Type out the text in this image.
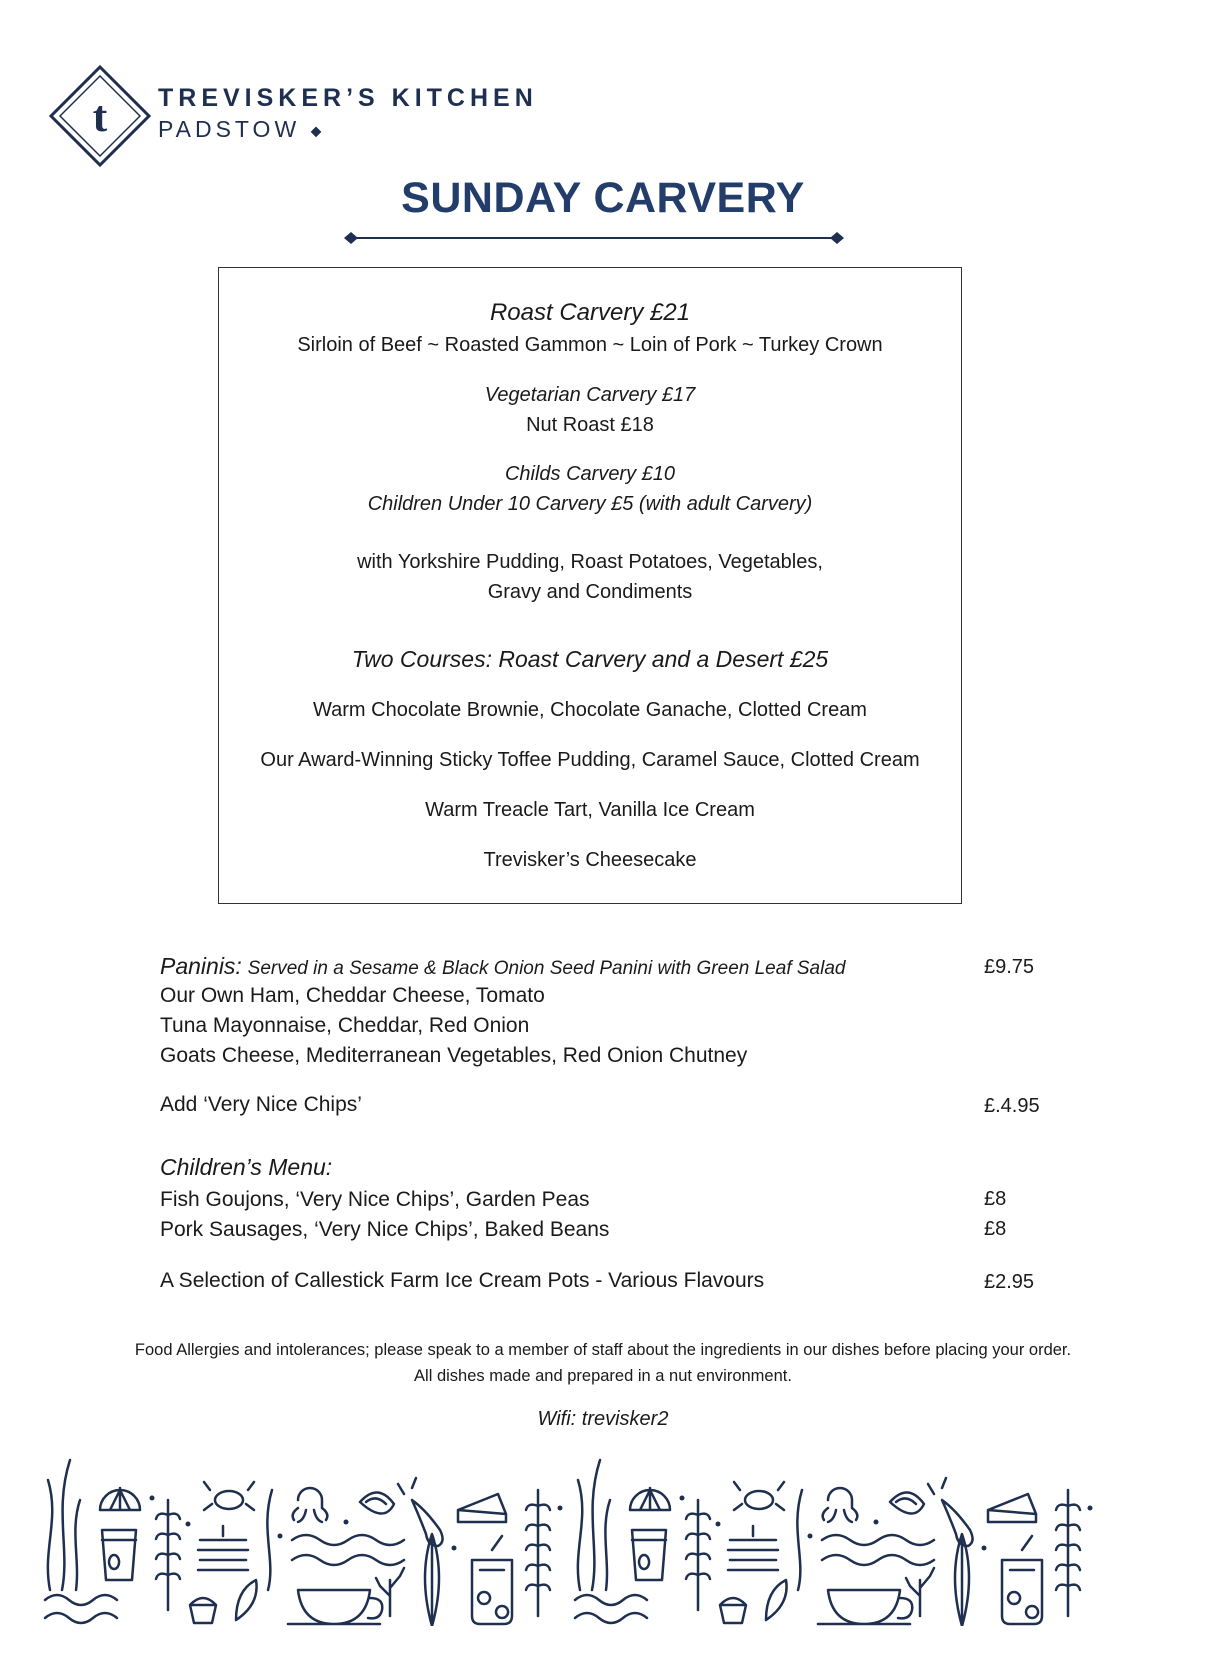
t TREVISKER’S KITCHEN
PADSTOW ◆
SUNDAY CARVERY
Roast Carvery £21
Sirloin of Beef ~ Roasted Gammon ~ Loin of Pork ~ Turkey Crown
Vegetarian Carvery £17
Nut Roast £18
Childs Carvery £10
Children Under 10 Carvery £5 (with adult Carvery)
with Yorkshire Pudding, Roast Potatoes, Vegetables,
Gravy and Condiments
Two Courses: Roast Carvery and a Desert £25
Warm Chocolate Brownie, Chocolate Ganache, Clotted Cream
Our Award-Winning Sticky Toffee Pudding, Caramel Sauce, Clotted Cream
Warm Treacle Tart, Vanilla Ice Cream
Trevisker’s Cheesecake
Paninis: Served in a Sesame & Black Onion Seed Panini with Green Leaf Salad	£9.75
Our Own Ham, Cheddar Cheese, Tomato
Tuna Mayonnaise, Cheddar, Red Onion
Goats Cheese, Mediterranean Vegetables, Red Onion Chutney
Add ‘Very Nice Chips’	£.4.95
Children’s Menu:
Fish Goujons, ‘Very Nice Chips’, Garden Peas	£8
Pork Sausages, ‘Very Nice Chips’, Baked Beans	£8
A Selection of Callestick Farm Ice Cream Pots - Various Flavours	£2.95
Food Allergies and intolerances; please speak to a member of staff about the ingredients in our dishes before placing your order.
All dishes made and prepared in a nut environment.
Wifi: trevisker2
